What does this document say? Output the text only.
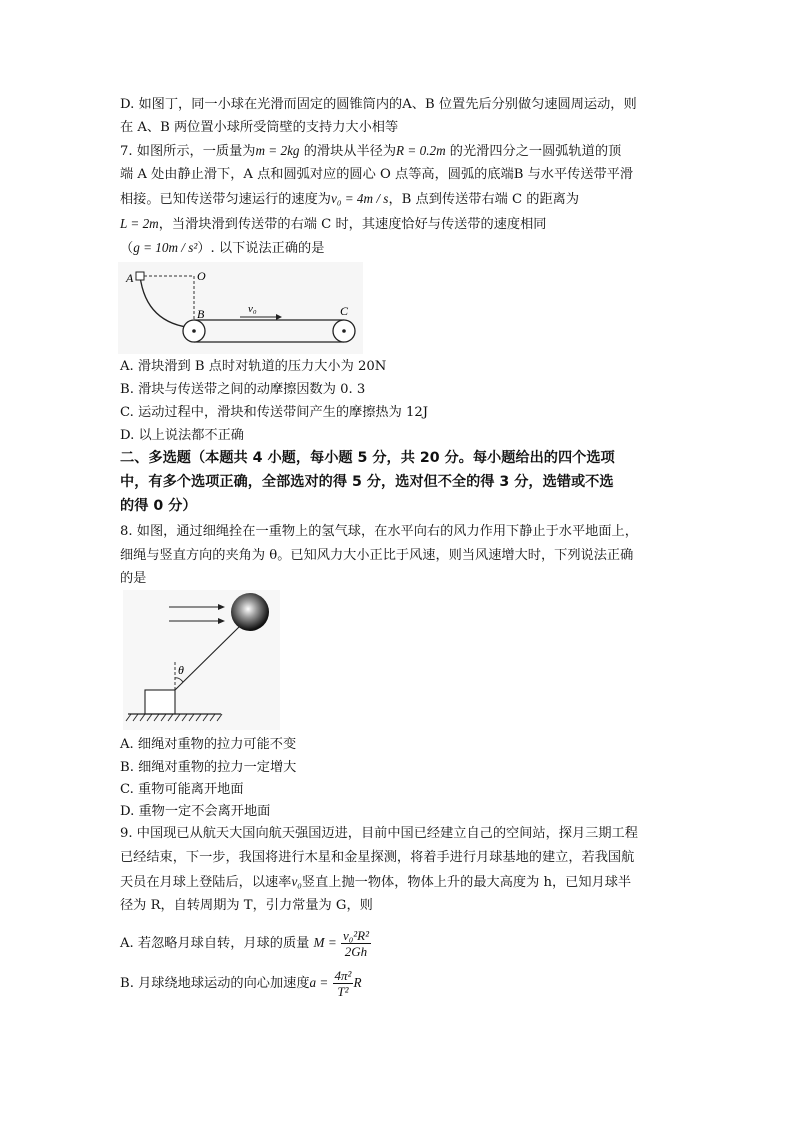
D. 如图丁，同一小球在光滑而固定的圆锥筒内的A、B 位置先后分别做匀速圆周运动，则
在 A、B 两位置小球所受筒壁的支持力大小相等
7. 如图所示，一质量为m = 2kg 的滑块从半径为R = 0.2m 的光滑四分之一圆弧轨道的顶
端 A 处由静止滑下，A 点和圆弧对应的圆心 O 点等高，圆弧的底端B 与水平传送带平滑
相接。已知传送带匀速运行的速度为v₀ = 4m / s，B 点到传送带右端 C 的距离为
L = 2m，当滑块滑到传送带的右端 C 时，其速度恰好与传送带的速度相同
（g = 10m / s²）. 以下说法正确的是
A	O
B	C
v₀
A. 滑块滑到 B 点时对轨道的压力大小为 20N
B. 滑块与传送带之间的动摩擦因数为 0. 3
C. 运动过程中，滑块和传送带间产生的摩擦热为 12J
D. 以上说法都不正确
二、多选题（本题共 4 小题，每小题 5 分，共 20 分。每小题给出的四个选项
中，有多个选项正确，全部选对的得 5 分，选对但不全的得 3 分，选错或不选
的得 0 分）
8. 如图，通过细绳拴在一重物上的氢气球，在水平向右的风力作用下静止于水平地面上，
细绳与竖直方向的夹角为 θ。已知风力大小正比于风速，则当风速增大时，下列说法正确
的是
θ
A. 细绳对重物的拉力可能不变
B. 细绳对重物的拉力一定增大
C. 重物可能离开地面
D. 重物一定不会离开地面
9. 中国现已从航天大国向航天强国迈进，目前中国已经建立自己的空间站，探月三期工程
已经结束，下一步，我国将进行木星和金星探测，将着手进行月球基地的建立，若我国航
天员在月球上登陆后，以速率v₀竖直上抛一物体，物体上升的最大高度为 h，已知月球半
径为 R，自转周期为 T，引力常量为 G，则
A. 若忽略月球自转，月球的质量 $M = \frac{\text{v₀²R²}}{2Gh}$
B. 月球绕地球运动的向心加速度$a = \frac{\text{4π²}}{\text{T²}}$ R
